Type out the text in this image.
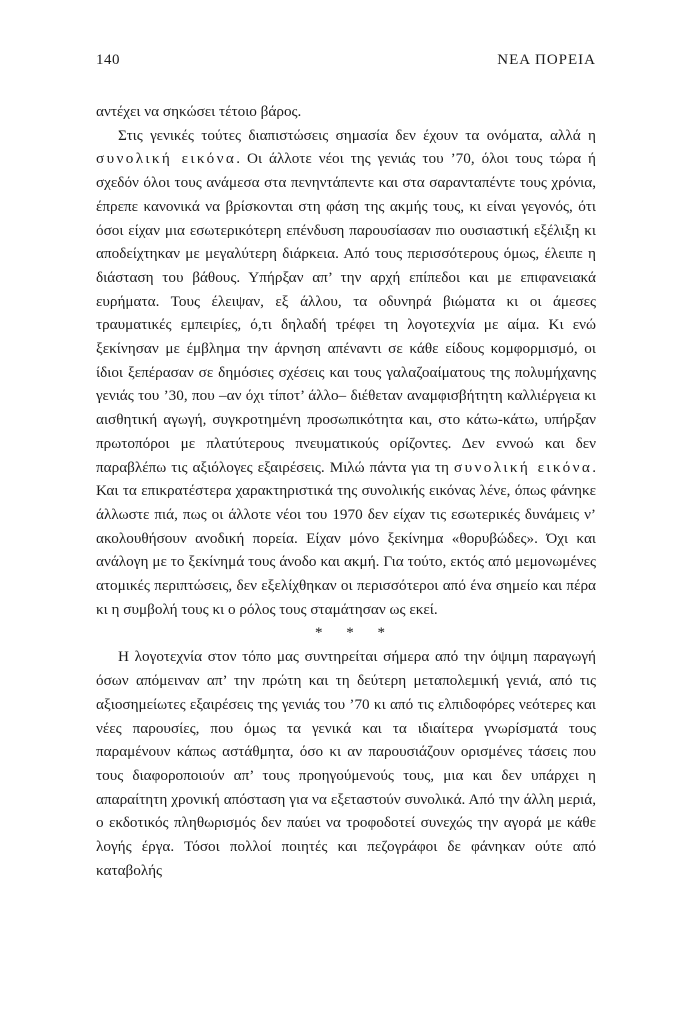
140	ΝΕΑ ΠΟΡΕΙΑ

αντέχει να σηκώσει τέτοιο βάρος.

Στις γενικές τούτες διαπιστώσεις σημασία δεν έχουν τα ονόματα, αλλά η συνολική εικόνα. Οι άλλοτε νέοι της γενιάς του ’70, όλοι τους τώρα ή σχεδόν όλοι τους ανάμεσα στα πενηντάπεντε και στα σαρανταπέντε τους χρόνια, έπρεπε κανονικά να βρίσκονται στη φάση της ακμής τους, κι είναι γεγονός, ότι όσοι είχαν μια εσωτερικότερη επένδυση παρουσίασαν πιο ουσιαστική εξέλιξη κι αποδείχτηκαν με μεγαλύτερη διάρκεια. Από τους περισσότερους όμως, έλειπε η διάσταση του βάθους. Υπήρξαν απ’ την αρχή επίπεδοι και με επιφανειακά ευρήματα. Τους έλειψαν, εξ άλλου, τα οδυνηρά βιώματα κι οι άμεσες τραυματικές εμπειρίες, ό,τι δηλαδή τρέφει τη λογοτεχνία με αίμα. Κι ενώ ξεκίνησαν με έμβλημα την άρνηση απέναντι σε κάθε είδους κομφορμισμό, οι ίδιοι ξεπέρασαν σε δημόσιες σχέσεις και τους γαλαζοαίματους της πολυμήχανης γενιάς του ’30, που –αν όχι τίποτ’ άλλο– διέθεταν αναμφισβήτητη καλλιέργεια κι αισθητική αγωγή, συγκροτημένη προσωπικότητα και, στο κάτω-κάτω, υπήρξαν πρωτοπόροι με πλατύτερους πνευματικούς ορίζοντες. Δεν εννοώ και δεν παραβλέπω τις αξιόλογες εξαιρέσεις. Μιλώ πάντα για τη συνολική εικόνα. Και τα επικρατέστερα χαρακτηριστικά της συνολικής εικόνας λένε, όπως φάνηκε άλλωστε πιά, πως οι άλλοτε νέοι του 1970 δεν είχαν τις εσωτερικές δυνάμεις ν’ ακολουθήσουν ανοδική πορεία. Είχαν μόνο ξεκίνημα «θορυβώδες». Όχι και ανάλογη με το ξεκίνημά τους άνοδο και ακμή. Για τούτο, εκτός από μεμονωμένες ατομικές περιπτώσεις, δεν εξελίχθηκαν οι περισσότεροι από ένα σημείο και πέρα κι η συμβολή τους κι ο ρόλος τους σταμάτησαν ως εκεί.

* * *

Η λογοτεχνία στον τόπο μας συντηρείται σήμερα από την όψιμη παραγωγή όσων απόμειναν απ’ την πρώτη και τη δεύτερη μεταπολεμική γενιά, από τις αξιοσημείωτες εξαιρέσεις της γενιάς του ’70 κι από τις ελπιδοφόρες νεότερες και νέες παρουσίες, που όμως τα γενικά και τα ιδιαίτερα γνωρίσματά τους παραμένουν κάπως αστάθμητα, όσο κι αν παρουσιάζουν ορισμένες τάσεις που τους διαφοροποιούν απ’ τους προηγούμενούς τους, μια και δεν υπάρχει η απαραίτητη χρονική απόσταση για να εξεταστούν συνολικά. Από την άλλη μεριά, ο εκδοτικός πληθωρισμός δεν παύει να τροφοδοτεί συνεχώς την αγορά με κάθε λογής έργα. Τόσοι πολλοί ποιητές και πεζογράφοι δε φάνηκαν ούτε από καταβολής
